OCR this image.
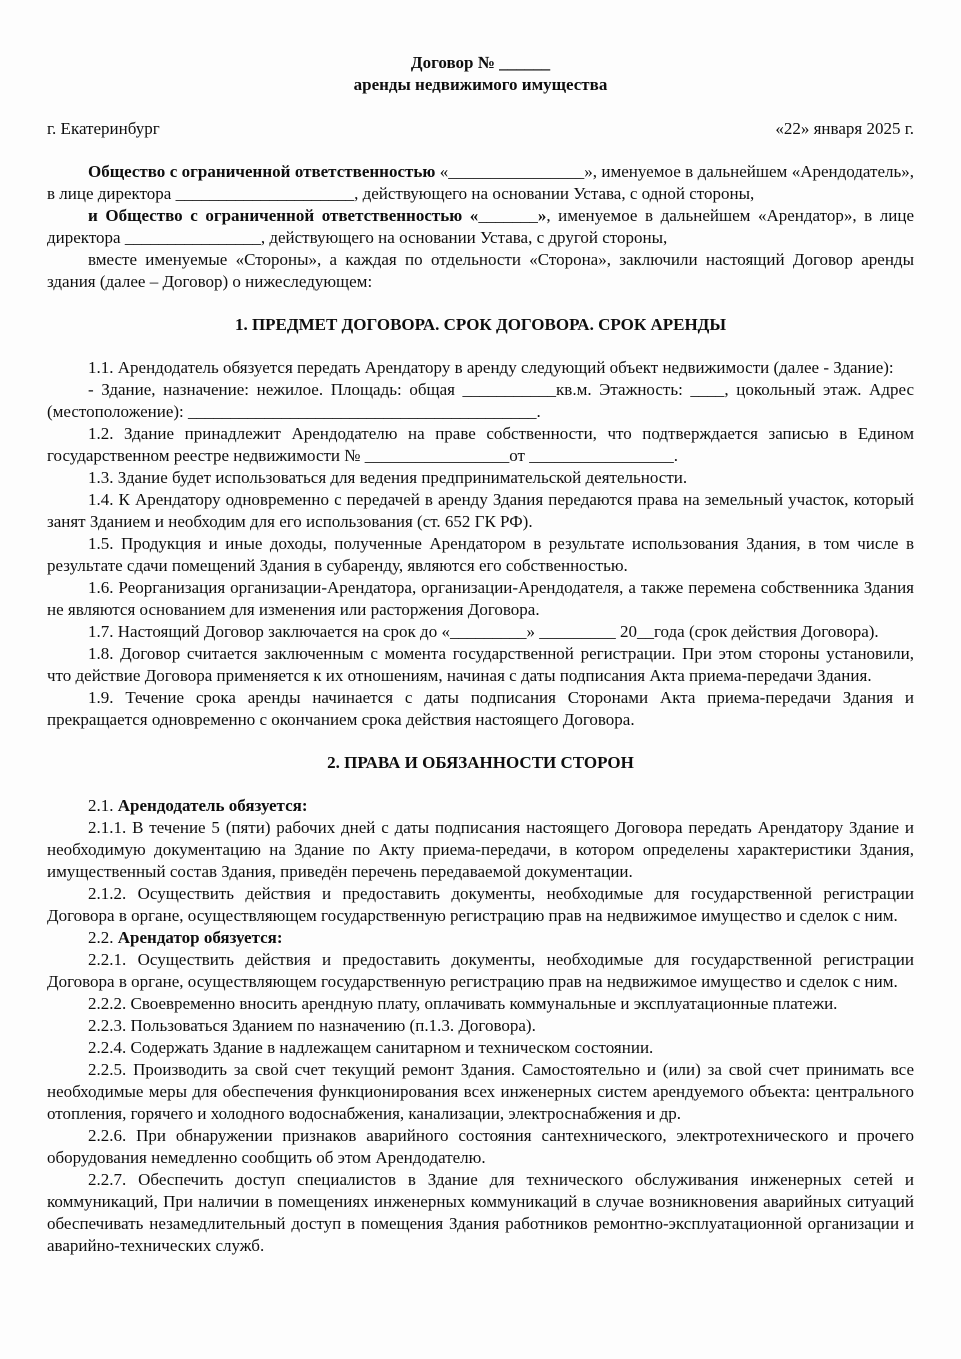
Договор № ______
аренды недвижимого имущества
г. Екатеринбург	«22» января 2025 г.

Общество с ограниченной ответственностью «________________», именуемое в дальнейшем «Арендодатель», в лице директора _____________________, действующего на основании Устава, с одной стороны,

и Общество с ограниченной ответственностью «_______», именуемое в дальнейшем «Арендатор», в лице директора ________________, действующего на основании Устава, с другой стороны,

вместе именуемые «Стороны», а каждая по отдельности «Сторона», заключили настоящий Договор аренды здания (далее – Договор) о нижеследующем:

1. ПРЕДМЕТ ДОГОВОРА. СРОК ДОГОВОРА. СРОК АРЕНДЫ

1.1. Арендодатель обязуется передать Арендатору в аренду следующий объект недвижимости (далее - Здание):

- Здание, назначение: нежилое. Площадь: общая ___________кв.м. Этажность: ____, цокольный этаж. Адрес (местоположение): _________________________________________.

1.2. Здание принадлежит Арендодателю на праве собственности, что подтверждается записью в Едином государственном реестре недвижимости № _________________от _________________.

1.3. Здание будет использоваться для ведения предпринимательской деятельности.

1.4. К Арендатору одновременно с передачей в аренду Здания передаются права на земельный участок, который занят Зданием и необходим для его использования (ст. 652 ГК РФ).

1.5. Продукция и иные доходы, полученные Арендатором в результате использования Здания, в том числе в результате сдачи помещений Здания в субаренду, являются его собственностью.

1.6. Реорганизация организации-Арендатора, организации-Арендодателя, а также перемена собственника Здания не являются основанием для изменения или расторжения Договора.

1.7. Настоящий Договор заключается на срок до «_________» _________ 20__года (срок действия Договора).

1.8. Договор считается заключенным с момента государственной регистрации. При этом стороны установили, что действие Договора применяется к их отношениям, начиная с даты подписания Акта приема-передачи Здания.

1.9. Течение срока аренды начинается с даты подписания Сторонами Акта приема-передачи Здания и прекращается одновременно с окончанием срока действия настоящего Договора.

2. ПРАВА И ОБЯЗАННОСТИ СТОРОН

2.1. Арендодатель обязуется:

2.1.1. В течение 5 (пяти) рабочих дней с даты подписания настоящего Договора передать Арендатору Здание и необходимую документацию на Здание по Акту приема-передачи, в котором определены характеристики Здания, имущественный состав Здания, приведён перечень передаваемой документации.

2.1.2. Осуществить действия и предоставить документы, необходимые для государственной регистрации Договора в органе, осуществляющем государственную регистрацию прав на недвижимое имущество и сделок с ним.

2.2. Арендатор обязуется:

2.2.1. Осуществить действия и предоставить документы, необходимые для государственной регистрации Договора в органе, осуществляющем государственную регистрацию прав на недвижимое имущество и сделок с ним.

2.2.2. Своевременно вносить арендную плату, оплачивать коммунальные и эксплуатационные платежи.

2.2.3. Пользоваться Зданием по назначению (п.1.3. Договора).

2.2.4. Содержать Здание в надлежащем санитарном и техническом состоянии.

2.2.5. Производить за свой счет текущий ремонт Здания. Самостоятельно и (или) за свой счет принимать все необходимые меры для обеспечения функционирования всех инженерных систем арендуемого объекта: центрального отопления, горячего и холодного водоснабжения, канализации, электроснабжения и др.

2.2.6. При обнаружении признаков аварийного состояния сантехнического, электротехнического и прочего оборудования немедленно сообщить об этом Арендодателю.

2.2.7. Обеспечить доступ специалистов в Здание для технического обслуживания инженерных сетей и коммуникаций, При наличии в помещениях инженерных коммуникаций в случае возникновения аварийных ситуаций обеспечивать незамедлительный доступ в помещения Здания работников ремонтно-эксплуатационной организации и аварийно-технических служб.
